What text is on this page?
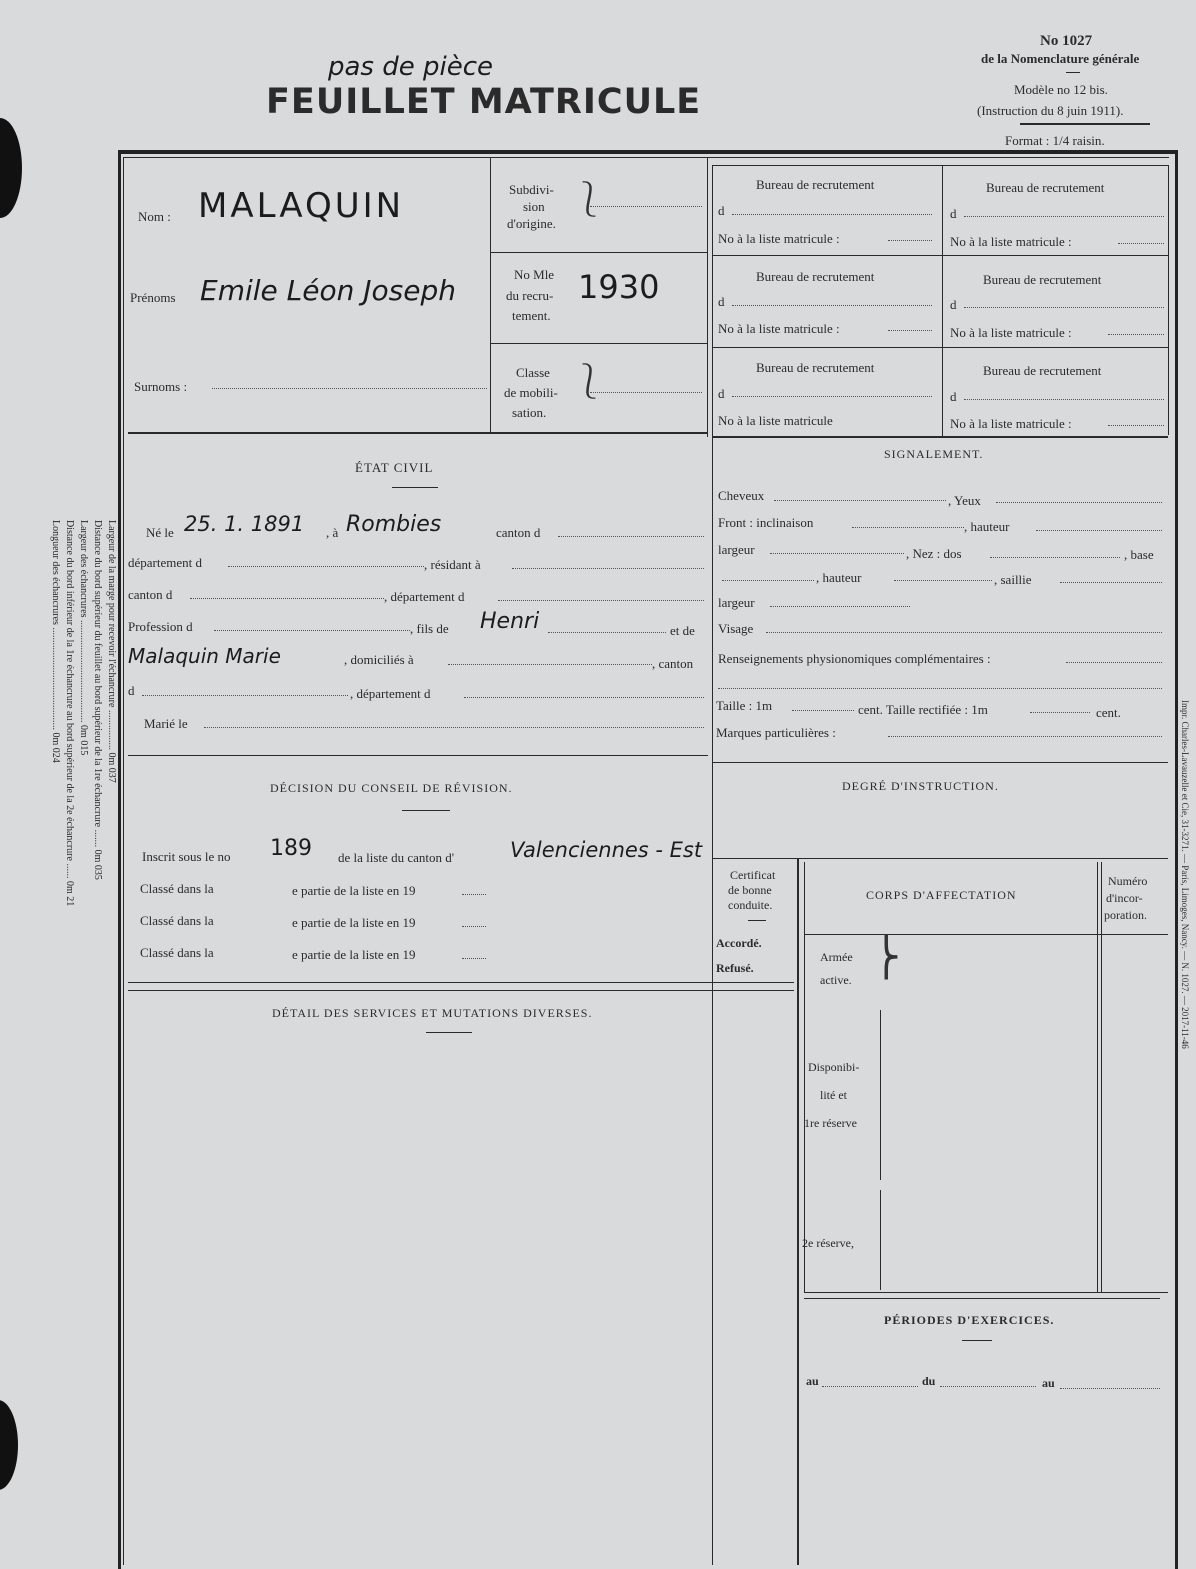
pas de pièce
FEUILLET MATRICULE
No 1027
de la Nomenclature générale
Modèle no 12 bis.
(Instruction du 8 juin 1911).
Format : 1/4 raisin.
Nom : MALAQUIN
Prénoms Emile Léon Joseph
Surnoms :
Subdivi-
sion
d'origine.
⎱
No Mle
du recru-
tement.
1930
Classe
de mobili-
sation.
⎱
Bureau de recrutement
d
No à la liste matricule :
Bureau de recrutement
d
No à la liste matricule :
Bureau de recrutement
d
No à la liste matricule :
Bureau de recrutement
d
No à la liste matricule :
Bureau de recrutement
d
No à la liste matricule
Bureau de recrutement
d
No à la liste matricule :
ÉTAT CIVIL
Né le 25. 1. 1891 , à Rombies	canton d
département d	, résidant à
canton d	, département d
Profession d	, fils de Henri	et de
Malaquin Marie	, domiciliés à	, canton
d	, département d
Marié le
SIGNALEMENT.
Cheveux	, Yeux
Front : inclinaison	, hauteur
largeur	, Nez : dos	, base
, hauteur	, saillie
largeur
Visage
Renseignements physionomiques complémentaires :
Taille : 1m	cent. Taille rectifiée : 1m	cent.
Marques particulières :
DÉCISION DU CONSEIL DE RÉVISION.
Inscrit sous le no 189 de la liste du canton d'	Valenciennes - Est
Classé dans la	e partie de la liste en 19
Classé dans la	e partie de la liste en 19
Classé dans la	e partie de la liste en 19
DEGRÉ D'INSTRUCTION.
Certificat
de bonne
conduite.
Accordé.
Refusé.
CORPS D'AFFECTATION
Numéro
d'incor-
poration.
Armée
active.
⎬
Disponibi-
lité et
1re réserve
2e réserve,
PÉRIODES D'EXERCICES.
au	du	au
DÉTAIL DES SERVICES ET MUTATIONS DIVERSES.
Largeur de la marge pour recevoir l'échancrure ................ 0m 037
Distance du bord supérieur du feuillet au bord supérieur de la 1re échancrure ....... 0m 035
Largeur des échancrures ......................................... 0m 015
Distance du bord inférieur de la 1re échancrure au bord supérieur de la 2e échancrure ...... 0m 21
Longueur des échancrures ......................................... 0m 024
Impr. Charles-Lavauzelle et Cie, 31-3271. — Paris, Limoges, Nancy. — N. 1027. — 2017-11-46
